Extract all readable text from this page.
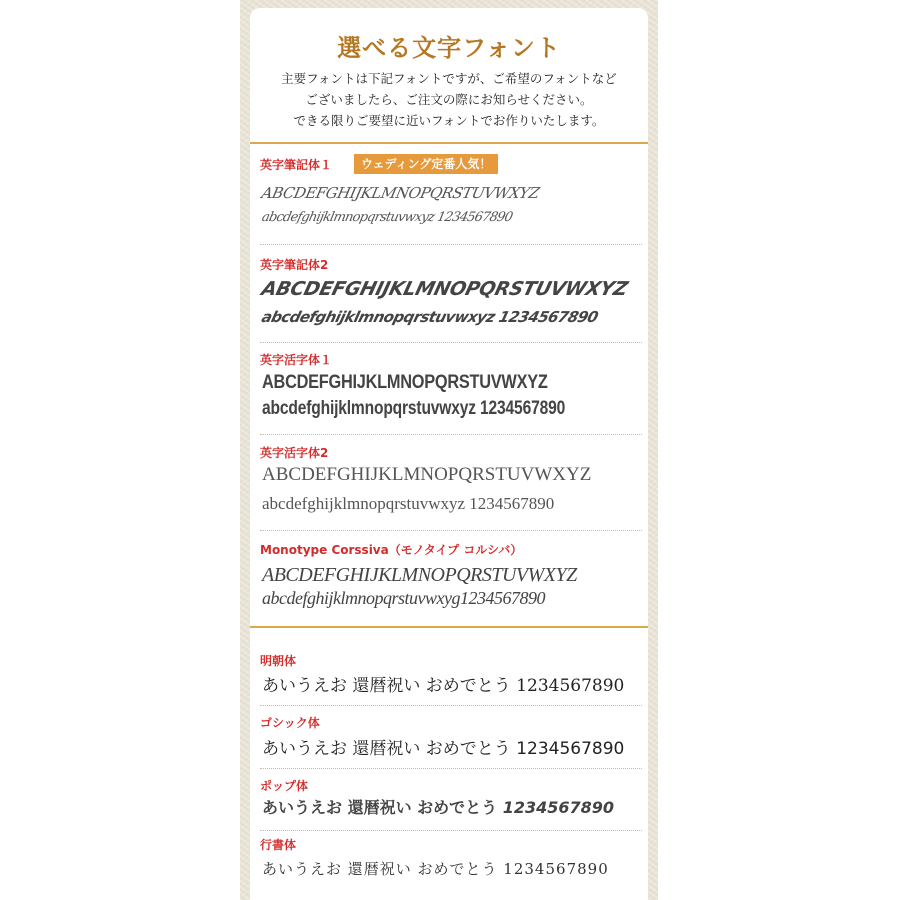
選べる文字フォント
主要フォントは下記フォントですが、ご希望のフォントなど
ございましたら、ご注文の際にお知らせください。
できる限りご要望に近いフォントでお作りいたします。
英字筆記体１	ウェディング定番人気！
ABCDEFGHIJKLMNOPQRSTUVWXYZ
abcdefghijklmnopqrstuvwxyz 1234567890
英字筆記体2
ABCDEFGHIJKLMNOPQRSTUVWXYZ
abcdefghijklmnopqrstuvwxyz 1234567890
英字活字体１
ABCDEFGHIJKLMNOPQRSTUVWXYZ
abcdefghijklmnopqrstuvwxyz 1234567890
英字活字体2
ABCDEFGHIJKLMNOPQRSTUVWXYZ
abcdefghijklmnopqrstuvwxyz 1234567890
Monotype Corssiva（モノタイプ コルシバ）
ABCDEFGHIJKLMNOPQRSTUVWXYZ
abcdefghijklmnopqrstuvwxyg1234567890
明朝体
あいうえお 還暦祝い おめでとう 1234567890
ゴシック体
あいうえお 還暦祝い おめでとう 1234567890
ポップ体
あいうえお 還暦祝い おめでとう 1234567890
行書体
あいうえお 還暦祝い おめでとう 1234567890
